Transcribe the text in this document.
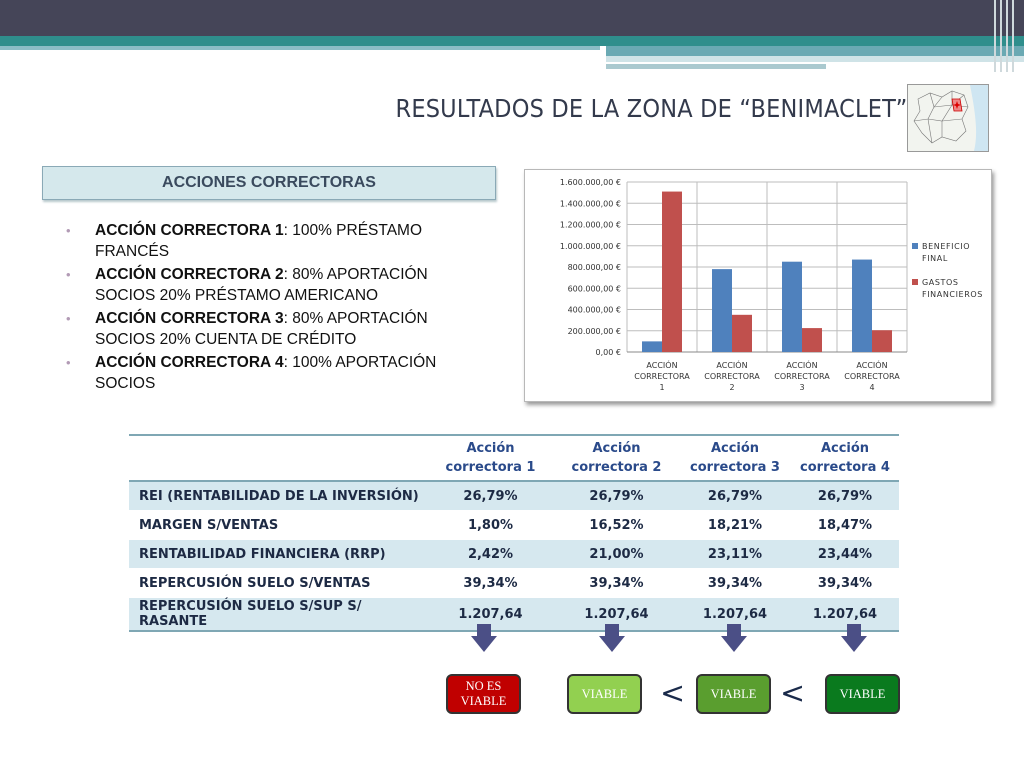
RESULTADOS DE LA ZONA DE “BENIMACLET”
ACCIONES CORRECTORAS
• ACCIÓN CORRECTORA 1: 100% PRÉSTAMO FRANCÉS
• ACCIÓN CORRECTORA 2: 80% APORTACIÓN SOCIOS 20% PRÉSTAMO AMERICANO
• ACCIÓN CORRECTORA 3: 80% APORTACIÓN SOCIOS 20% CUENTA DE CRÉDITO
• ACCIÓN CORRECTORA 4: 100% APORTACIÓN SOCIOS
0,00 €
200.000,00 €
400.000,00 €
600.000,00 €
800.000,00 €
1.000.000,00 €
1.200.000,00 €
1.400.000,00 €
1.600.000,00 €
ACCIÓN
CORRECTORA
1
ACCIÓN
CORRECTORA
2
ACCIÓN
CORRECTORA
3
ACCIÓN
CORRECTORA
4
BENEFICIO
FINAL
GASTOS
FINANCIEROS
	Acción
correctora 1	Acción
correctora 2	Acción
correctora 3	Acción
correctora 4
REI (RENTABILIDAD DE LA INVERSIÓN)	26,79%	26,79%	26,79%	26,79%
MARGEN S/VENTAS	1,80%	16,52%	18,21%	18,47%
RENTABILIDAD FINANCIERA (RRP)	2,42%	21,00%	23,11%	23,44%
REPERCUSIÓN SUELO S/VENTAS	39,34%	39,34%	39,34%	39,34%
REPERCUSIÓN SUELO S/SUP S/ RASANTE	1.207,64	1.207,64	1.207,64	1.207,64
NO ES VIABLE
VIABLE	VIABLE	VIABLE
<	<
